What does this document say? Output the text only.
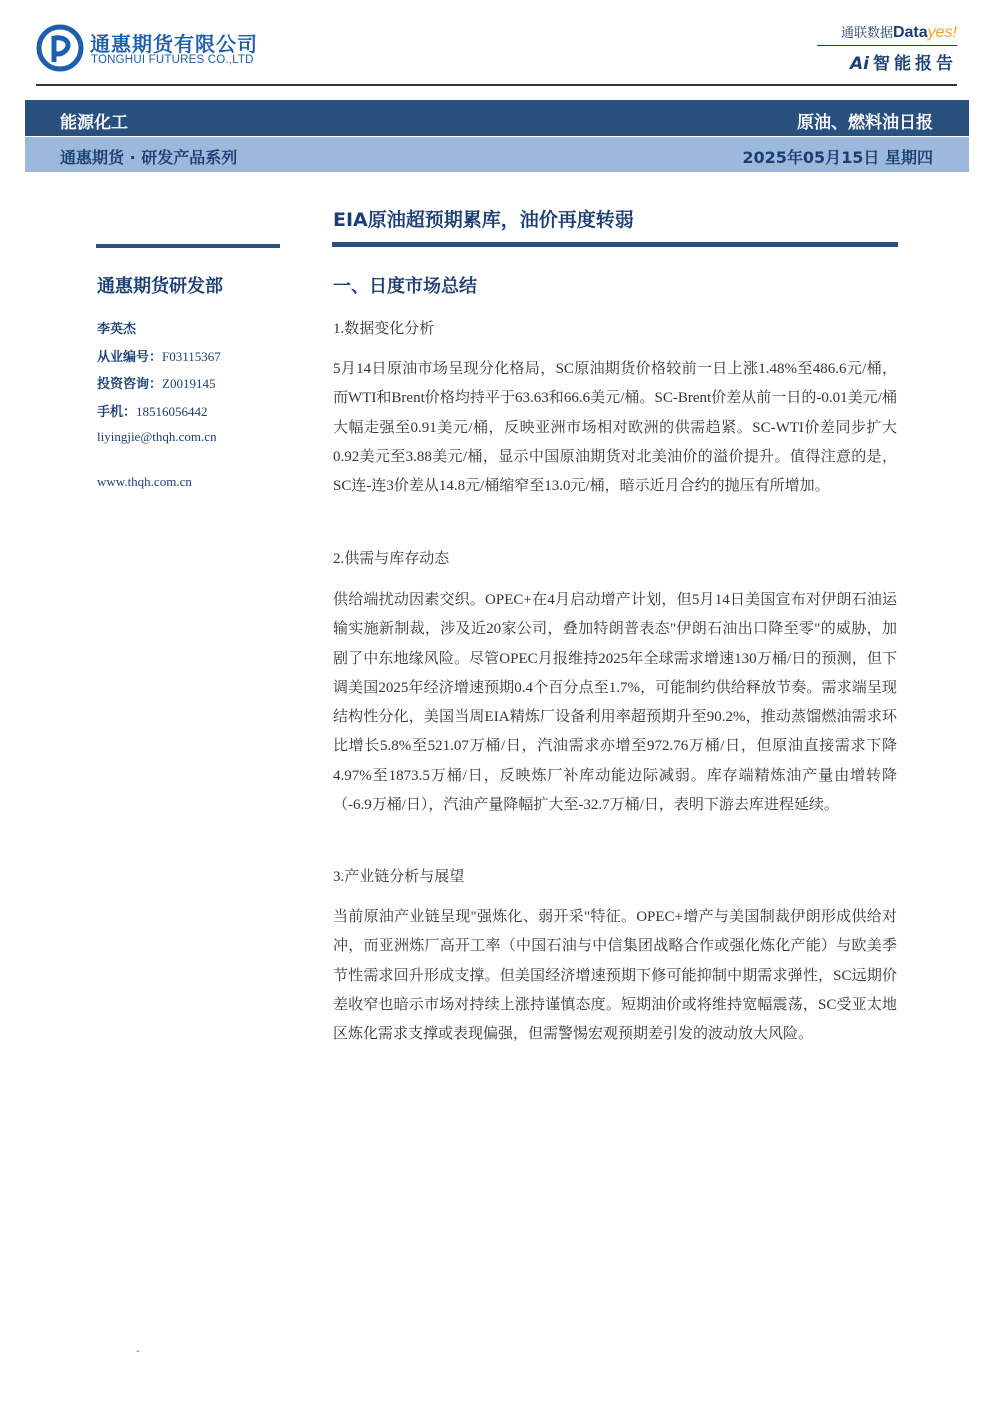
通惠期货有限公司
TONGHUI FUTURES CO.,LTD
通联数据Datayes!
Ai 智能报告
能源化工	原油、燃料油日报
通惠期货 · 研发产品系列	2025年05月15日 星期四
通惠期货研发部
李英杰
从业编号：F03115367
投资咨询：Z0019145
手机：18516056442
liyingjie@thqh.com.cn
www.thqh.com.cn
EIA原油超预期累库，油价再度转弱
一、日度市场总结
1.数据变化分析
5月14日原油市场呈现分化格局，SC原油期货价格较前一日上涨1.48%至486.6元/桶，而WTI和Brent价格均持平于63.63和66.6美元/桶。SC-Brent价差从前一日的-0.01美元/桶大幅走强至0.91美元/桶，反映亚洲市场相对欧洲的供需趋紧。SC-WTI价差同步扩大0.92美元至3.88美元/桶，显示中国原油期货对北美油价的溢价提升。值得注意的是，SC连-连3价差从14.8元/桶缩窄至13.0元/桶，暗示近月合约的抛压有所增加。
2.供需与库存动态
供给端扰动因素交织。OPEC+在4月启动增产计划，但5月14日美国宣布对伊朗石油运输实施新制裁，涉及近20家公司，叠加特朗普表态"伊朗石油出口降至零"的威胁，加剧了中东地缘风险。尽管OPEC月报维持2025年全球需求增速130万桶/日的预测，但下调美国2025年经济增速预期0.4个百分点至1.7%，可能制约供给释放节奏。需求端呈现结构性分化，美国当周EIA精炼厂设备利用率超预期升至90.2%，推动蒸馏燃油需求环比增长5.8%至521.07万桶/日，汽油需求亦增至972.76万桶/日，但原油直接需求下降4.97%至1873.5万桶/日，反映炼厂补库动能边际减弱。库存端精炼油产量由增转降（-6.9万桶/日），汽油产量降幅扩大至-32.7万桶/日，表明下游去库进程延续。
3.产业链分析与展望
当前原油产业链呈现"强炼化、弱开采"特征。OPEC+增产与美国制裁伊朗形成供给对冲，而亚洲炼厂高开工率（中国石油与中信集团战略合作或强化炼化产能）与欧美季节性需求回升形成支撑。但美国经济增速预期下修可能抑制中期需求弹性，SC远期价差收窄也暗示市场对持续上涨持谨慎态度。短期油价或将维持宽幅震荡，SC受亚太地区炼化需求支撑或表现偏强，但需警惕宏观预期差引发的波动放大风险。
-
